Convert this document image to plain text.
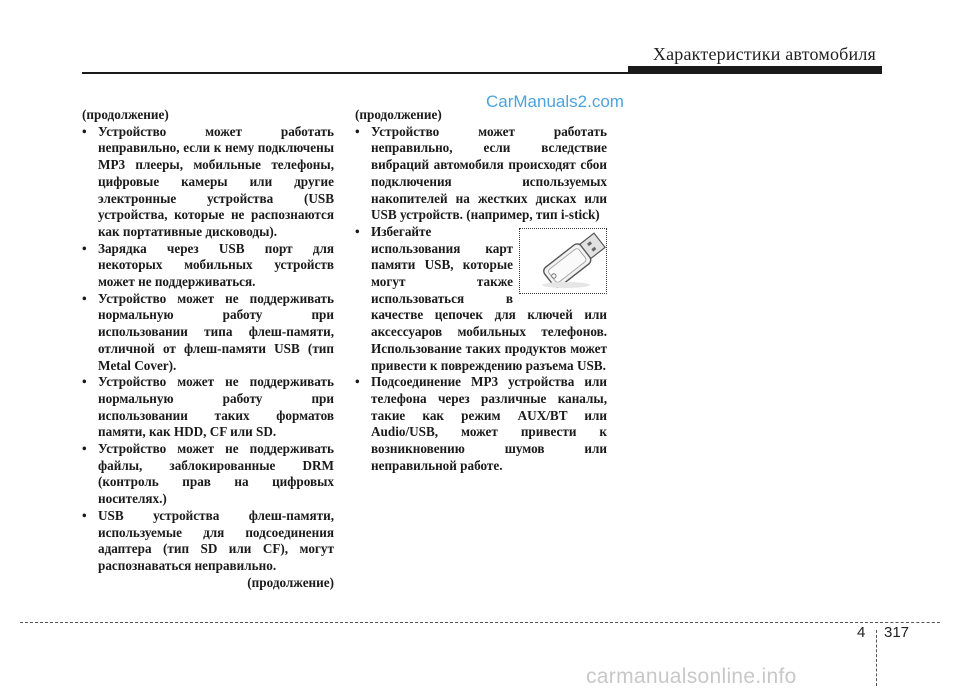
Характеристики автомобиля
CarManuals2.com

(продолжение)

• Устройство может работать неправильно, если к нему подключены MP3 плееры, мобильные телефоны, цифровые камеры или другие электронные устройства (USB устройства, которые не распознаются как портативные дисководы).

• Зарядка через USB порт для некоторых мобильных устройств может не поддерживаться.

• Устройство может не поддерживать нормальную работу при использовании типа флеш-памяти, отличной от флеш-памяти USB (тип Metal Cover).

• Устройство может не поддерживать нормальную работу при использовании таких форматов памяти, как HDD, CF или SD.

• Устройство может не поддерживать файлы, заблокированные DRM (контроль прав на цифровых носителях.)

• USB устройства флеш-памяти, используемые для подсоединения адаптера (тип SD или CF), могут распознаваться неправильно.

(продолжение)

(продолжение)

• Устройство может работать неправильно, если вследствие вибраций автомобиля происходят сбои подключения используемых накопителей на жестких дисках или USB устройств. (например, тип i-stick)

• Избегайте использования карт памяти USB, которые могут также использоваться в качестве цепочек для ключей или аксессуаров мобильных телефонов. Использование таких продуктов может привести к повреждению разъема USB.

• Подсоединение MP3 устройства или телефона через различные каналы, такие как режим AUX/BT или Audio/USB, может привести к возникновению шумов или неправильной работе.

4 317
carmanualsonline.info
